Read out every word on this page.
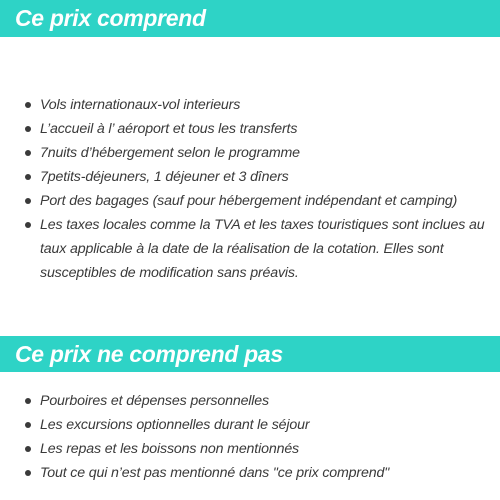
Ce prix comprend
Vols internationaux-vol interieurs
L’accueil à l’ aéroport et tous les transferts
7nuits d’hébergement selon le programme
7petits-déjeuners, 1 déjeuner et 3 dîners
Port des bagages (sauf pour hébergement indépendant et camping)
Les taxes locales comme la TVA et les taxes touristiques sont inclues au taux applicable à la date de la réalisation de la cotation. Elles sont susceptibles de modification sans préavis.
Ce prix ne comprend pas
Pourboires et dépenses personnelles
Les excursions optionnelles durant le séjour
Les repas et les boissons non mentionnés
Tout ce qui n’est pas mentionné dans "ce prix comprend"
